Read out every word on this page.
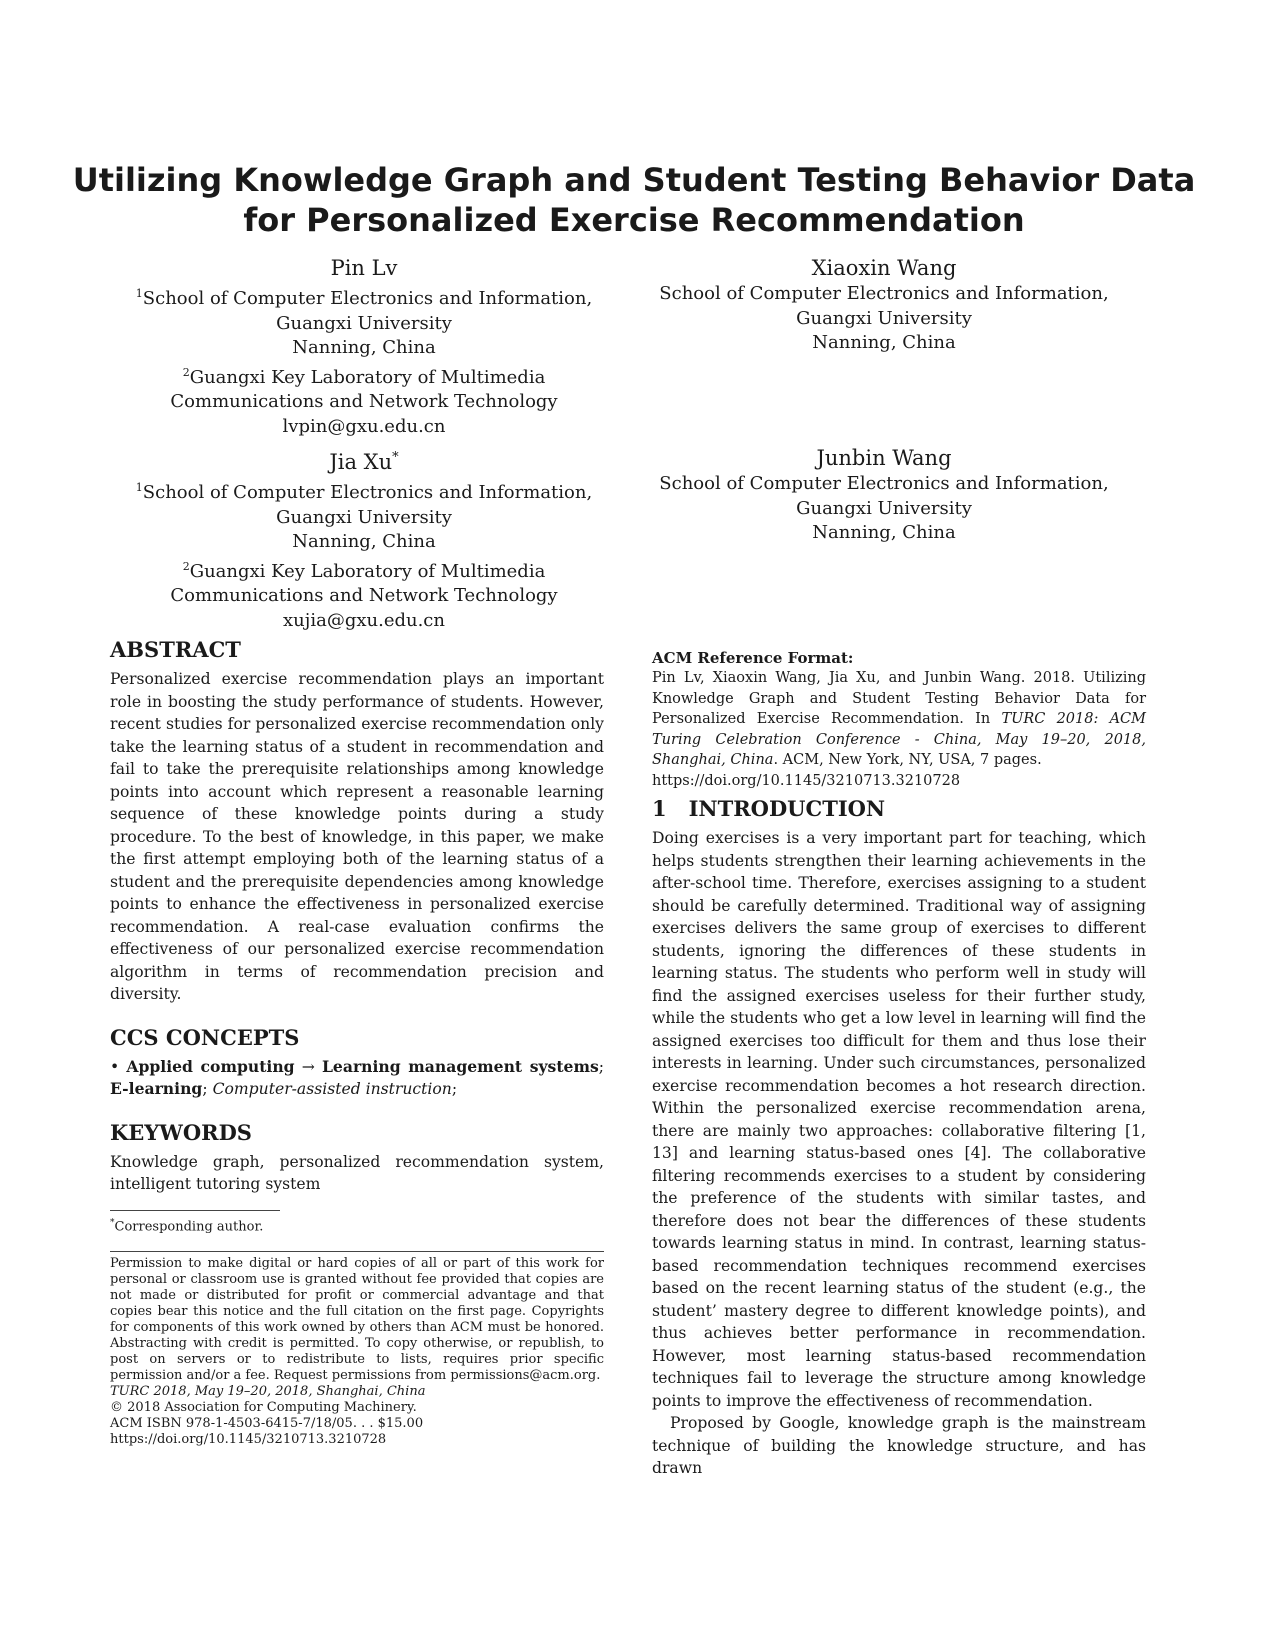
Utilizing Knowledge Graph and Student Testing Behavior Data
for Personalized Exercise Recommendation
Pin Lv
$^1$School of Computer Electronics and Information,
Guangxi University
Nanning, China
$^2$Guangxi Key Laboratory of Multimedia
Communications and Network Technology
lvpin@gxu.edu.cn
Xiaoxin Wang
School of Computer Electronics and Information,
Guangxi University
Nanning, China
Jia Xu*
$^1$School of Computer Electronics and Information,
Guangxi University
Nanning, China
$^2$Guangxi Key Laboratory of Multimedia
Communications and Network Technology
xujia@gxu.edu.cn
Junbin Wang
School of Computer Electronics and Information,
Guangxi University
Nanning, China
ABSTRACT

Personalized exercise recommendation plays an important role in boosting the study performance of students. However, recent studies for personalized exercise recommendation only take the learning status of a student in recommendation and fail to take the prerequisite relationships among knowledge points into account which represent a reasonable learning sequence of these knowledge points during a study procedure. To the best of knowledge, in this paper, we make the first attempt employing both of the learning status of a student and the prerequisite dependencies among knowledge points to enhance the effectiveness in personalized exercise recommendation. A real-case evaluation confirms the effectiveness of our personalized exercise recommendation algorithm in terms of recommendation precision and diversity.

CCS CONCEPTS

• Applied computing → Learning management systems; E-learning; Computer-assisted instruction;

KEYWORDS

Knowledge graph, personalized recommendation system, intelligent tutoring system

*Corresponding author.

Permission to make digital or hard copies of all or part of this work for personal or classroom use is granted without fee provided that copies are not made or distributed for profit or commercial advantage and that copies bear this notice and the full citation on the first page. Copyrights for components of this work owned by others than ACM must be honored. Abstracting with credit is permitted. To copy otherwise, or republish, to post on servers or to redistribute to lists, requires prior specific permission and/or a fee. Request permissions from permissions@acm.org.

TURC 2018, May 19–20, 2018, Shanghai, China

© 2018 Association for Computing Machinery.

ACM ISBN 978-1-4503-6415-7/18/05. . . $15.00

https://doi.org/10.1145/3210713.3210728

ACM Reference Format:

Pin Lv, Xiaoxin Wang, Jia Xu, and Junbin Wang. 2018. Utilizing Knowledge Graph and Student Testing Behavior Data for Personalized Exercise Recommendation. In TURC 2018: ACM Turing Celebration Conference - China, May 19–20, 2018, Shanghai, China. ACM, New York, NY, USA, 7 pages.
https://doi.org/10.1145/3210713.3210728

1 INTRODUCTION

Doing exercises is a very important part for teaching, which helps students strengthen their learning achievements in the after-school time. Therefore, exercises assigning to a student should be carefully determined. Traditional way of assigning exercises delivers the same group of exercises to different students, ignoring the differences of these students in learning status. The students who perform well in study will find the assigned exercises useless for their further study, while the students who get a low level in learning will find the assigned exercises too difficult for them and thus lose their interests in learning. Under such circumstances, personalized exercise recommendation becomes a hot research direction. Within the personalized exercise recommendation arena, there are mainly two approaches: collaborative filtering [1, 13] and learning status-based ones [4]. The collaborative filtering recommends exercises to a student by considering the preference of the students with similar tastes, and therefore does not bear the differences of these students towards learning status in mind. In contrast, learning status-based recommendation techniques recommend exercises based on the recent learning status of the student (e.g., the student’ mastery degree to different knowledge points), and thus achieves better performance in recommendation. However, most learning status-based recommendation techniques fail to leverage the structure among knowledge points to improve the effectiveness of recommendation.

Proposed by Google, knowledge graph is the mainstream technique of building the knowledge structure, and has drawn
